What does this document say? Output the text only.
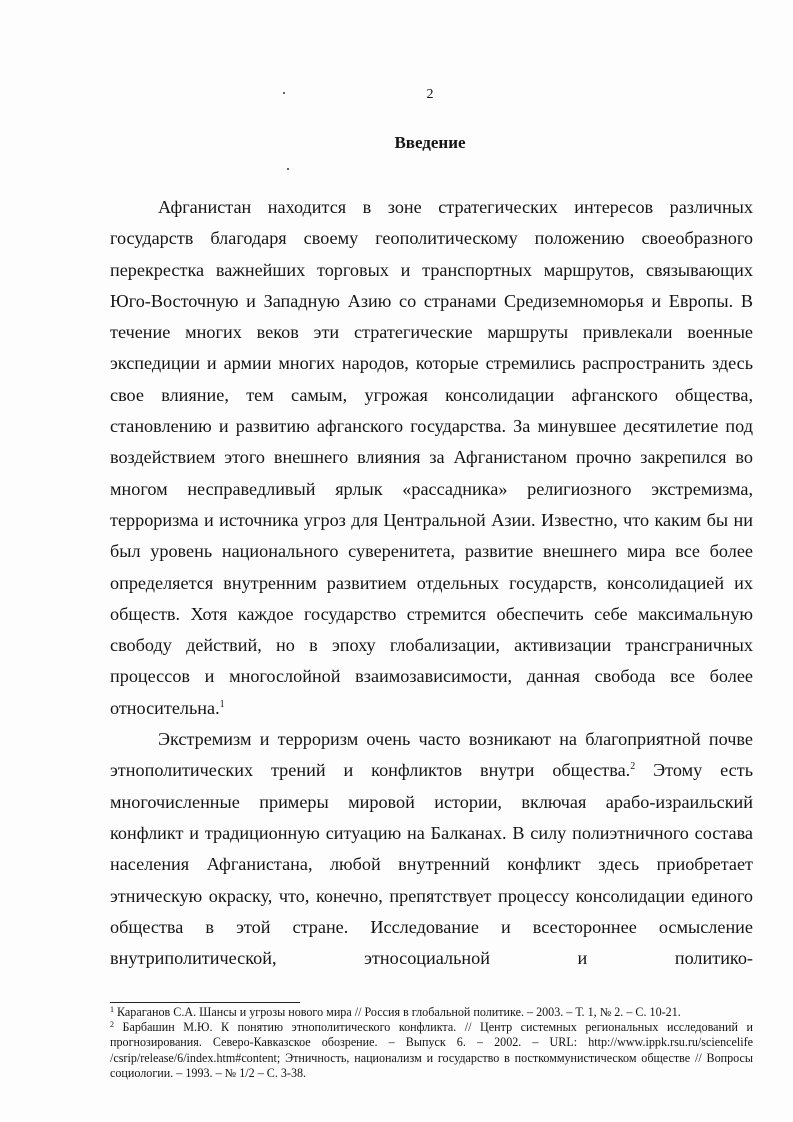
2
Введение

Афганистан находится в зоне стратегических интересов различных государств благодаря своему геополитическому положению своеобразного перекрестка важнейших торговых и транспортных маршрутов, связывающих Юго-Восточную и Западную Азию со странами Средиземноморья и Европы. В течение многих веков эти стратегические маршруты привлекали военные экспедиции и армии многих народов, которые стремились распространить здесь свое влияние, тем самым, угрожая консолидации афганского общества, становлению и развитию афганского государства. За минувшее десятилетие под воздействием этого внешнего влияния за Афганистаном прочно закрепился во многом несправедливый ярлык «рассадника» религиозного экстремизма, терроризма и источника угроз для Центральной Азии. Известно, что каким бы ни был уровень национального суверенитета, развитие внешнего мира все более определяется внутренним развитием отдельных государств, консолидацией их обществ. Хотя каждое государство стремится обеспечить себе максимальную свободу действий, но в эпоху глобализации, активизации трансграничных процессов и многослойной взаимозависимости, данная свобода все более относительна.$^1$

Экстремизм и терроризм очень часто возникают на благоприятной почве этнополитических трений и конфликтов внутри общества.$^2$ Этому есть многочисленные примеры мировой истории, включая арабо-израильский конфликт и традиционную ситуацию на Балканах. В силу полиэтничного состава населения Афганистана, любой внутренний конфликт здесь приобретает этническую окраску, что, конечно, препятствует процессу консолидации единого общества в этой стране. Исследование и всестороннее осмысление внутриполитической, этносоциальной и политико-

$^1$ Караганов С.А. Шансы и угрозы нового мира // Россия в глобальной политике. – 2003. – Т. 1, № 2. – С. 10-21.

$^2$ Барбашин М.Ю. К понятию этнополитического конфликта. // Центр системных региональных исследований и прогнозирования. Северо-Кавказское обозрение. – Выпуск 6. – 2002. – URL: http://www.ippk.rsu.ru/sciencelife /csrip/release/6/index.htm#content; Этничность, национализм и государство в посткоммунистическом обществе // Вопросы социологии. – 1993. – № 1/2 – С. 3-38.
